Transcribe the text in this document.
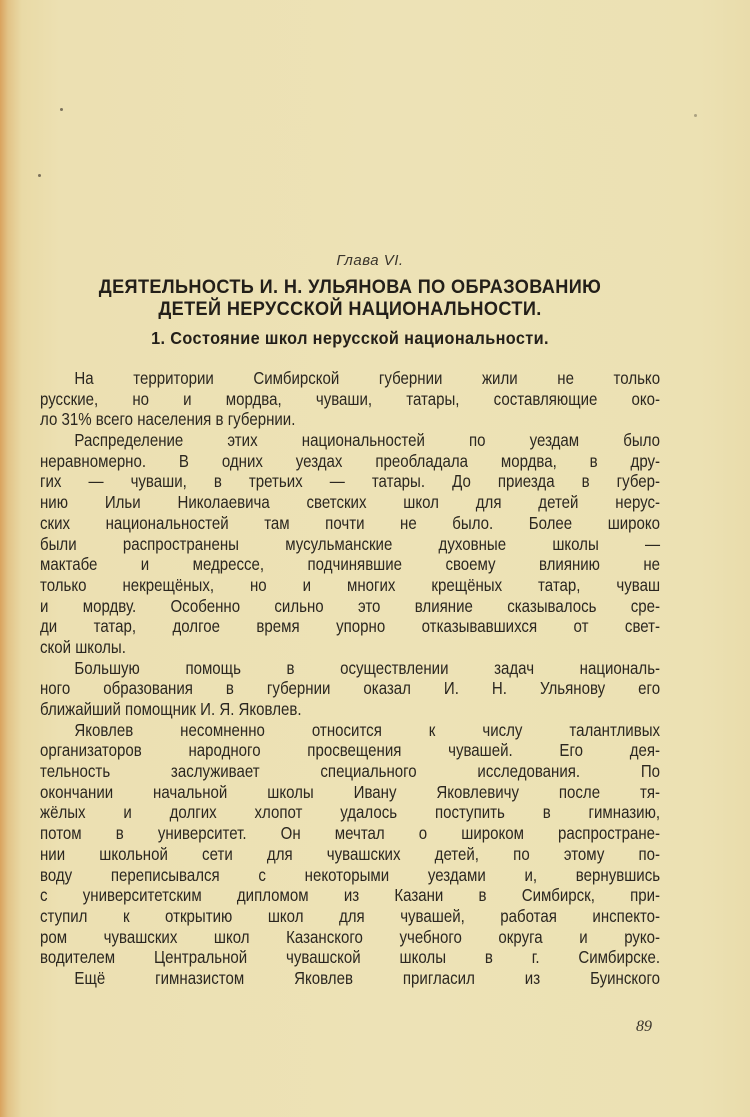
Глава VI.
ДЕЯТЕЛЬНОСТЬ И. Н. УЛЬЯНОВА ПО ОБРАЗОВАНИЮ
ДЕТЕЙ НЕРУССКОЙ НАЦИОНАЛЬНОСТИ.
1. Состояние школ нерусской национальности.
На территории Симбирской губернии жили не только
русские, но и мордва, чуваши, татары, составляющие око-
ло 31% всего населения в губернии.
Распределение этих национальностей по уездам было
неравномерно. В одних уездах преобладала мордва, в дру-
гих — чуваши, в третьих — татары. До приезда в губер-
нию Ильи Николаевича светских школ для детей нерус-
ских национальностей там почти не было. Более широко
были распространены мусульманские духовные школы —
мактабе и медрессе, подчинявшие своему влиянию не
только некрещёных, но и многих крещёных татар, чуваш
и мордву. Особенно сильно это влияние сказывалось сре-
ди татар, долгое время упорно отказывавшихся от свет-
ской школы.
Большую помощь в осуществлении задач националь-
ного образования в губернии оказал И. Н. Ульянову его
ближайший помощник И. Я. Яковлев.
Яковлев несомненно относится к числу талантливых
организаторов народного просвещения чувашей. Его дея-
тельность заслуживает специального исследования. По
окончании начальной школы Ивану Яковлевичу после тя-
жёлых и долгих хлопот удалось поступить в гимназию,
потом в университет. Он мечтал о широком распростране-
нии школьной сети для чувашских детей, по этому по-
воду переписывался с некоторыми уездами и, вернувшись
с университетским дипломом из Казани в Симбирск, при-
ступил к открытию школ для чувашей, работая инспекто-
ром чувашских школ Казанского учебного округа и руко-
водителем Центральной чувашской школы в г. Симбирске.
Ещё гимназистом Яковлев пригласил из Буинского
89
